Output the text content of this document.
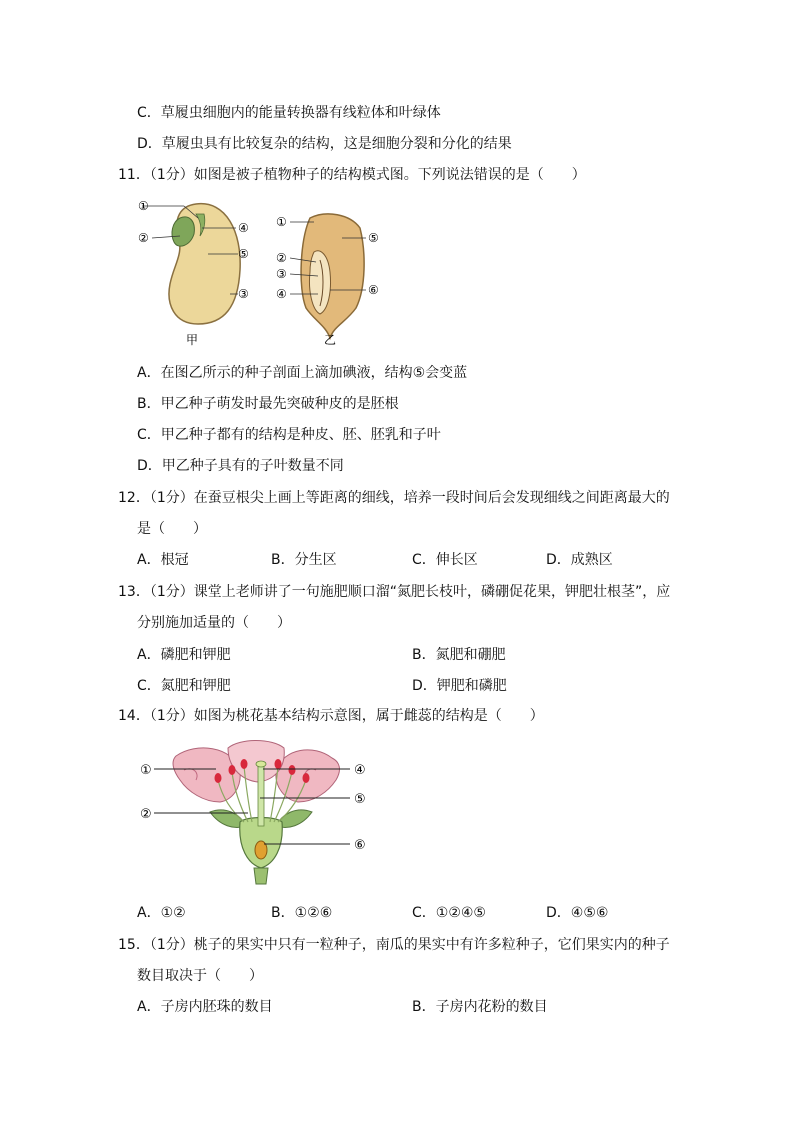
C．草履虫细胞内的能量转换器有线粒体和叶绿体
D．草履虫具有比较复杂的结构，这是细胞分裂和分化的结果
11．（1分）如图是被子植物种子的结构模式图。下列说法错误的是（　　）
①
②
③
④
⑤
甲
①
⑤
②
③
④	⑥
乙
A．在图乙所示的种子剖面上滴加碘液，结构⑤会变蓝
B．甲乙种子萌发时最先突破种皮的是胚根
C．甲乙种子都有的结构是种皮、胚、胚乳和子叶
D．甲乙种子具有的子叶数量不同
12．（1分）在蚕豆根尖上画上等距离的细线，培养一段时间后会发现细线之间距离最大的
是（　　）
A．根冠	B．分生区	C．伸长区	D．成熟区
13．（1分）课堂上老师讲了一句施肥顺口溜“氮肥长枝叶，磷硼促花果，钾肥壮根茎”，应
分别施加适量的（　　）
A．磷肥和钾肥	B．氮肥和硼肥
C．氮肥和钾肥	D．钾肥和磷肥
14．（1分）如图为桃花基本结构示意图，属于雌蕊的结构是（　　）
①
②
④
⑤
⑥
A．①②	B．①②⑥	C．①②④⑤	D．④⑤⑥
15．（1分）桃子的果实中只有一粒种子，南瓜的果实中有许多粒种子，它们果实内的种子
数目取决于（　　）
A．子房内胚珠的数目	B．子房内花粉的数目
